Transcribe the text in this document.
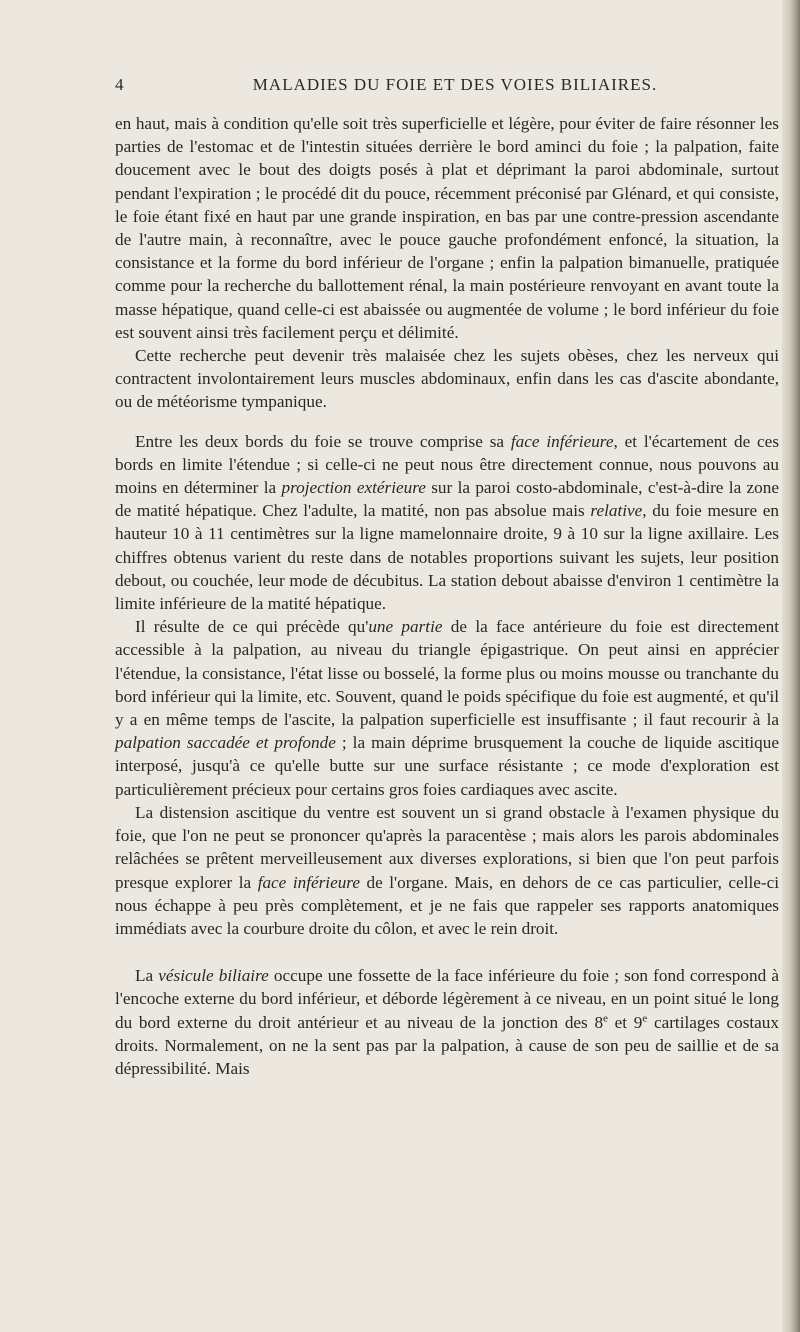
4	MALADIES DU FOIE ET DES VOIES BILIAIRES.

en haut, mais à condition qu'elle soit très superficielle et légère, pour éviter de faire résonner les parties de l'estomac et de l'intestin situées derrière le bord aminci du foie ; la palpation, faite doucement avec le bout des doigts posés à plat et déprimant la paroi abdominale, surtout pendant l'expiration ; le procédé dit du pouce, récemment préconisé par Glénard, et qui consiste, le foie étant fixé en haut par une grande inspiration, en bas par une contre-pression ascendante de l'autre main, à reconnaître, avec le pouce gauche profondément enfoncé, la situation, la consistance et la forme du bord inférieur de l'organe ; enfin la palpation bimanuelle, pratiquée comme pour la recherche du ballottement rénal, la main postérieure renvoyant en avant toute la masse hépatique, quand celle-ci est abaissée ou augmentée de volume ; le bord inférieur du foie est souvent ainsi très facilement perçu et délimité.

Cette recherche peut devenir très malaisée chez les sujets obèses, chez les nerveux qui contractent involontairement leurs muscles abdominaux, enfin dans les cas d'ascite abondante, ou de météorisme tympanique.

Entre les deux bords du foie se trouve comprise sa face inférieure, et l'écartement de ces bords en limite l'étendue ; si celle-ci ne peut nous être directement connue, nous pouvons au moins en déterminer la projection extérieure sur la paroi costo-abdominale, c'est-à-dire la zone de matité hépatique. Chez l'adulte, la matité, non pas absolue mais relative, du foie mesure en hauteur 10 à 11 centimètres sur la ligne mamelonnaire droite, 9 à 10 sur la ligne axillaire. Les chiffres obtenus varient du reste dans de notables proportions suivant les sujets, leur position debout, ou couchée, leur mode de décubitus. La station debout abaisse d'environ 1 centimètre la limite inférieure de la matité hépatique.

Il résulte de ce qui précède qu'une partie de la face antérieure du foie est directement accessible à la palpation, au niveau du triangle épigastrique. On peut ainsi en apprécier l'étendue, la consistance, l'état lisse ou bosselé, la forme plus ou moins mousse ou tranchante du bord inférieur qui la limite, etc. Souvent, quand le poids spécifique du foie est augmenté, et qu'il y a en même temps de l'ascite, la palpation superficielle est insuffisante ; il faut recourir à la palpation saccadée et profonde ; la main déprime brusquement la couche de liquide ascitique interposé, jusqu'à ce qu'elle butte sur une surface résistante ; ce mode d'exploration est particulièrement précieux pour certains gros foies cardiaques avec ascite.

La distension ascitique du ventre est souvent un si grand obstacle à l'examen physique du foie, que l'on ne peut se prononcer qu'après la paracentèse ; mais alors les parois abdominales relâchées se prêtent merveilleusement aux diverses explorations, si bien que l'on peut parfois presque explorer la face inférieure de l'organe. Mais, en dehors de ce cas particulier, celle-ci nous échappe à peu près complètement, et je ne fais que rappeler ses rapports anatomiques immédiats avec la courbure droite du côlon, et avec le rein droit.

La vésicule biliaire occupe une fossette de la face inférieure du foie ; son fond correspond à l'encoche externe du bord inférieur, et déborde légèrement à ce niveau, en un point situé le long du bord externe du droit antérieur et au niveau de la jonction des 8e et 9e cartilages costaux droits. Normalement, on ne la sent pas par la palpation, à cause de son peu de saillie et de sa dépressibilité. Mais
